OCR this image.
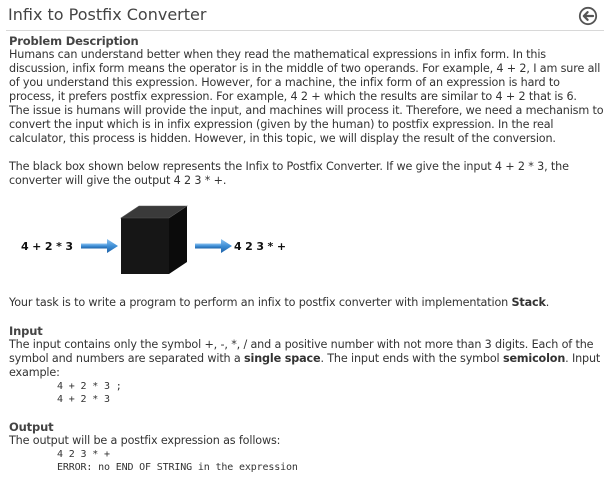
Infix to Postfix Converter
Problem Description

Humans can understand better when they read the mathematical expressions in infix form. In this discussion, infix form means the operator is in the middle of two operands. For example, 4 + 2, I am sure all of you understand this expression. However, for a machine, the infix form of an expression is hard to process, it prefers postfix expression. For example, 4 2 + which the results are similar to 4 + 2 that is 6.

The issue is humans will provide the input, and machines will process it. Therefore, we need a mechanism to convert the input which is in infix expression (given by the human) to postfix expression. In the real calculator, this process is hidden. However, in this topic, we will display the result of the conversion.

The black box shown below represents the Infix to Postfix Converter. If we give the input 4 + 2 * 3, the converter will give the output 4 2 3 * +.

4 + 2 * 3	4 2 3 * +

Your task is to write a program to perform an infix to postfix converter with implementation Stack.

Input

The input contains only the symbol +, -, *, / and a positive number with not more than 3 digits. Each of the symbol and numbers are separated with a single space. The input ends with the symbol semicolon. Input example:

4 + 2 * 3 ;
4 + 2 * 3
Output

The output will be a postfix expression as follows:

4 2 3 * +
ERROR: no END OF STRING in the expression
